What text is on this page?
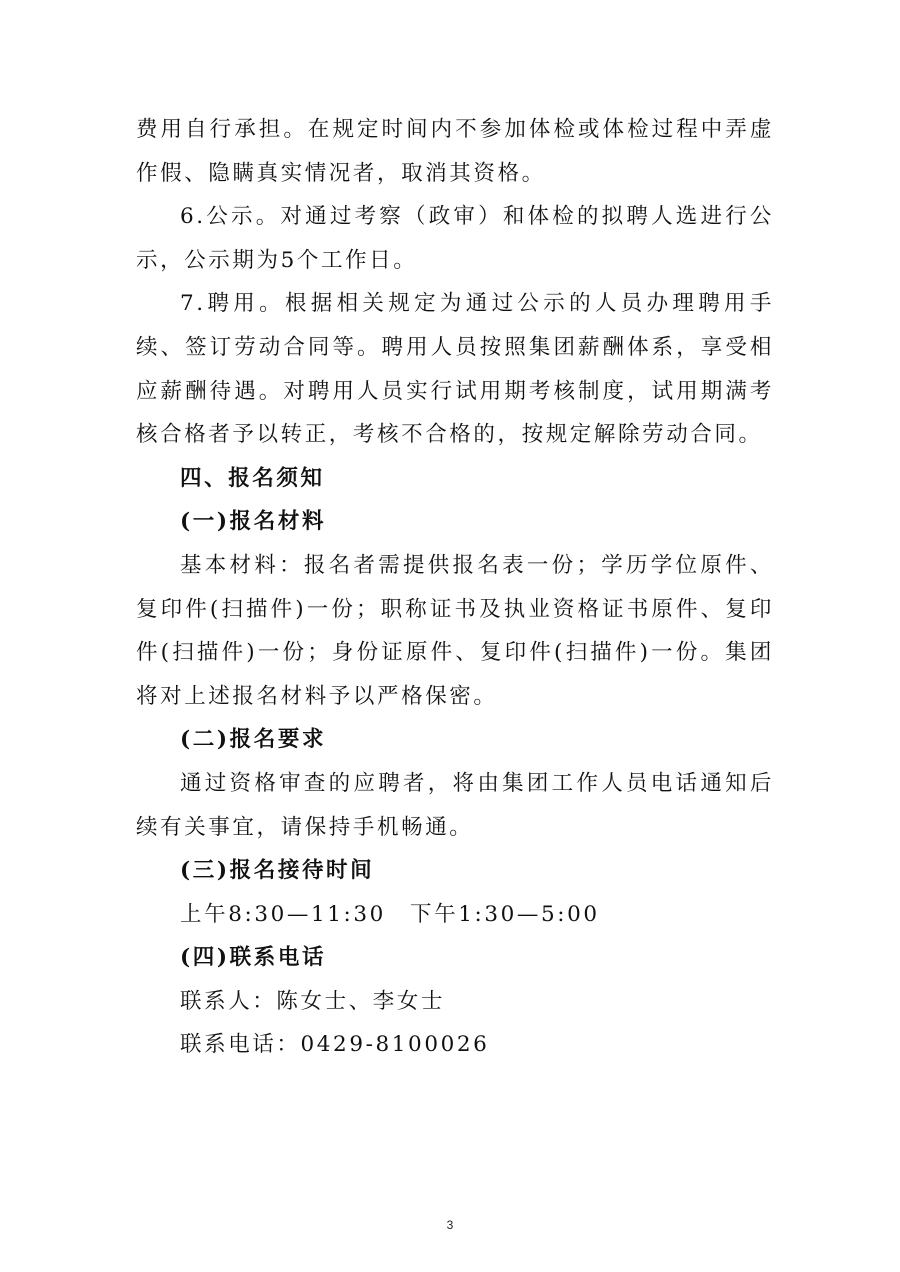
费用自行承担。在规定时间内不参加体检或体检过程中弄虚作假、隐瞒真实情况者，取消其资格。

6.公示。对通过考察（政审）和体检的拟聘人选进行公示，公示期为5个工作日。

7.聘用。根据相关规定为通过公示的人员办理聘用手续、签订劳动合同等。聘用人员按照集团薪酬体系，享受相应薪酬待遇。对聘用人员实行试用期考核制度，试用期满考核合格者予以转正，考核不合格的，按规定解除劳动合同。

四、报名须知

(一)报名材料

基本材料：报名者需提供报名表一份；学历学位原件、复印件(扫描件)一份；职称证书及执业资格证书原件、复印件(扫描件)一份；身份证原件、复印件(扫描件)一份。集团将对上述报名材料予以严格保密。

(二)报名要求

通过资格审查的应聘者，将由集团工作人员电话通知后续有关事宜，请保持手机畅通。

(三)报名接待时间

上午8:30—11:30　下午1:30—5:00

(四)联系电话

联系人：陈女士、李女士

联系电话：0429-8100026

3
